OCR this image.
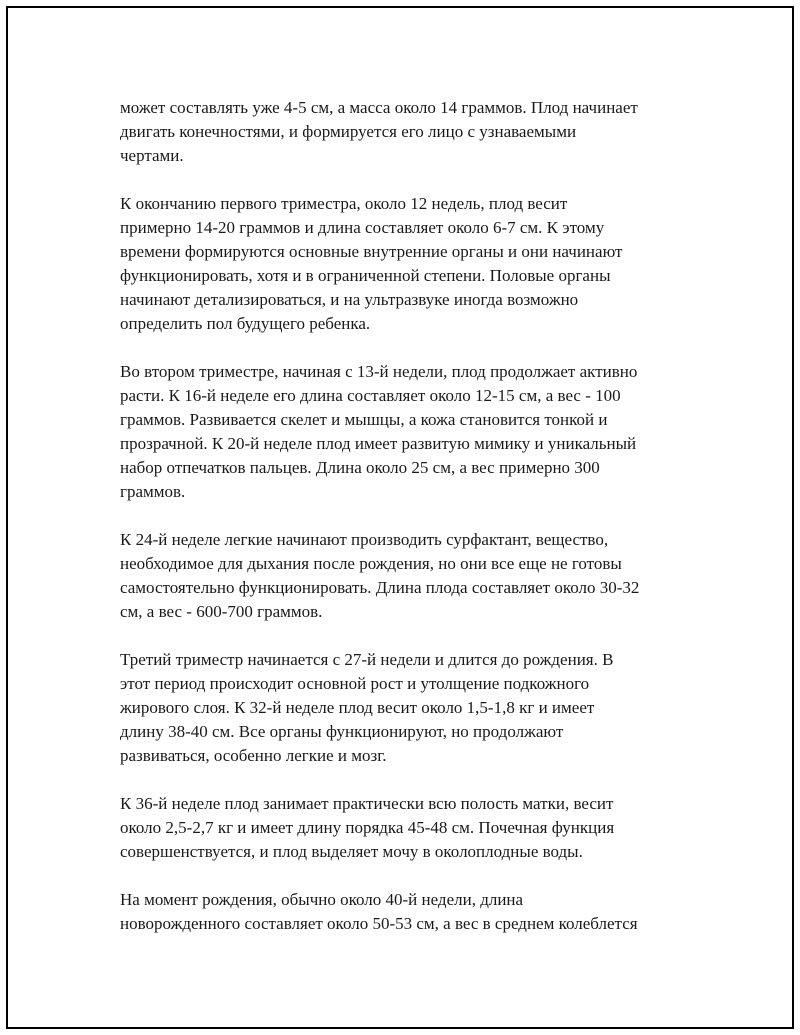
может составлять уже 4-5 см, а масса около 14 граммов. Плод начинает
двигать конечностями, и формируется его лицо с узнаваемыми
чертами.

К окончанию первого триместра, около 12 недель, плод весит
примерно 14-20 граммов и длина составляет около 6-7 см. К этому
времени формируются основные внутренние органы и они начинают
функционировать, хотя и в ограниченной степени. Половые органы
начинают детализироваться, и на ультразвуке иногда возможно
определить пол будущего ребенка.

Во втором триместре, начиная с 13-й недели, плод продолжает активно
расти. К 16-й неделе его длина составляет около 12-15 см, а вес - 100
граммов. Развивается скелет и мышцы, а кожа становится тонкой и
прозрачной. К 20-й неделе плод имеет развитую мимику и уникальный
набор отпечатков пальцев. Длина около 25 см, а вес примерно 300
граммов.

К 24-й неделе легкие начинают производить сурфактант, вещество,
необходимое для дыхания после рождения, но они все еще не готовы
самостоятельно функционировать. Длина плода составляет около 30-32
см, а вес - 600-700 граммов.

Третий триместр начинается с 27-й недели и длится до рождения. В
этот период происходит основной рост и утолщение подкожного
жирового слоя. К 32-й неделе плод весит около 1,5-1,8 кг и имеет
длину 38-40 см. Все органы функционируют, но продолжают
развиваться, особенно легкие и мозг.

К 36-й неделе плод занимает практически всю полость матки, весит
около 2,5-2,7 кг и имеет длину порядка 45-48 см. Почечная функция
совершенствуется, и плод выделяет мочу в околоплодные воды.

На момент рождения, обычно около 40-й недели, длина
новорожденного составляет около 50-53 см, а вес в среднем колеблется
